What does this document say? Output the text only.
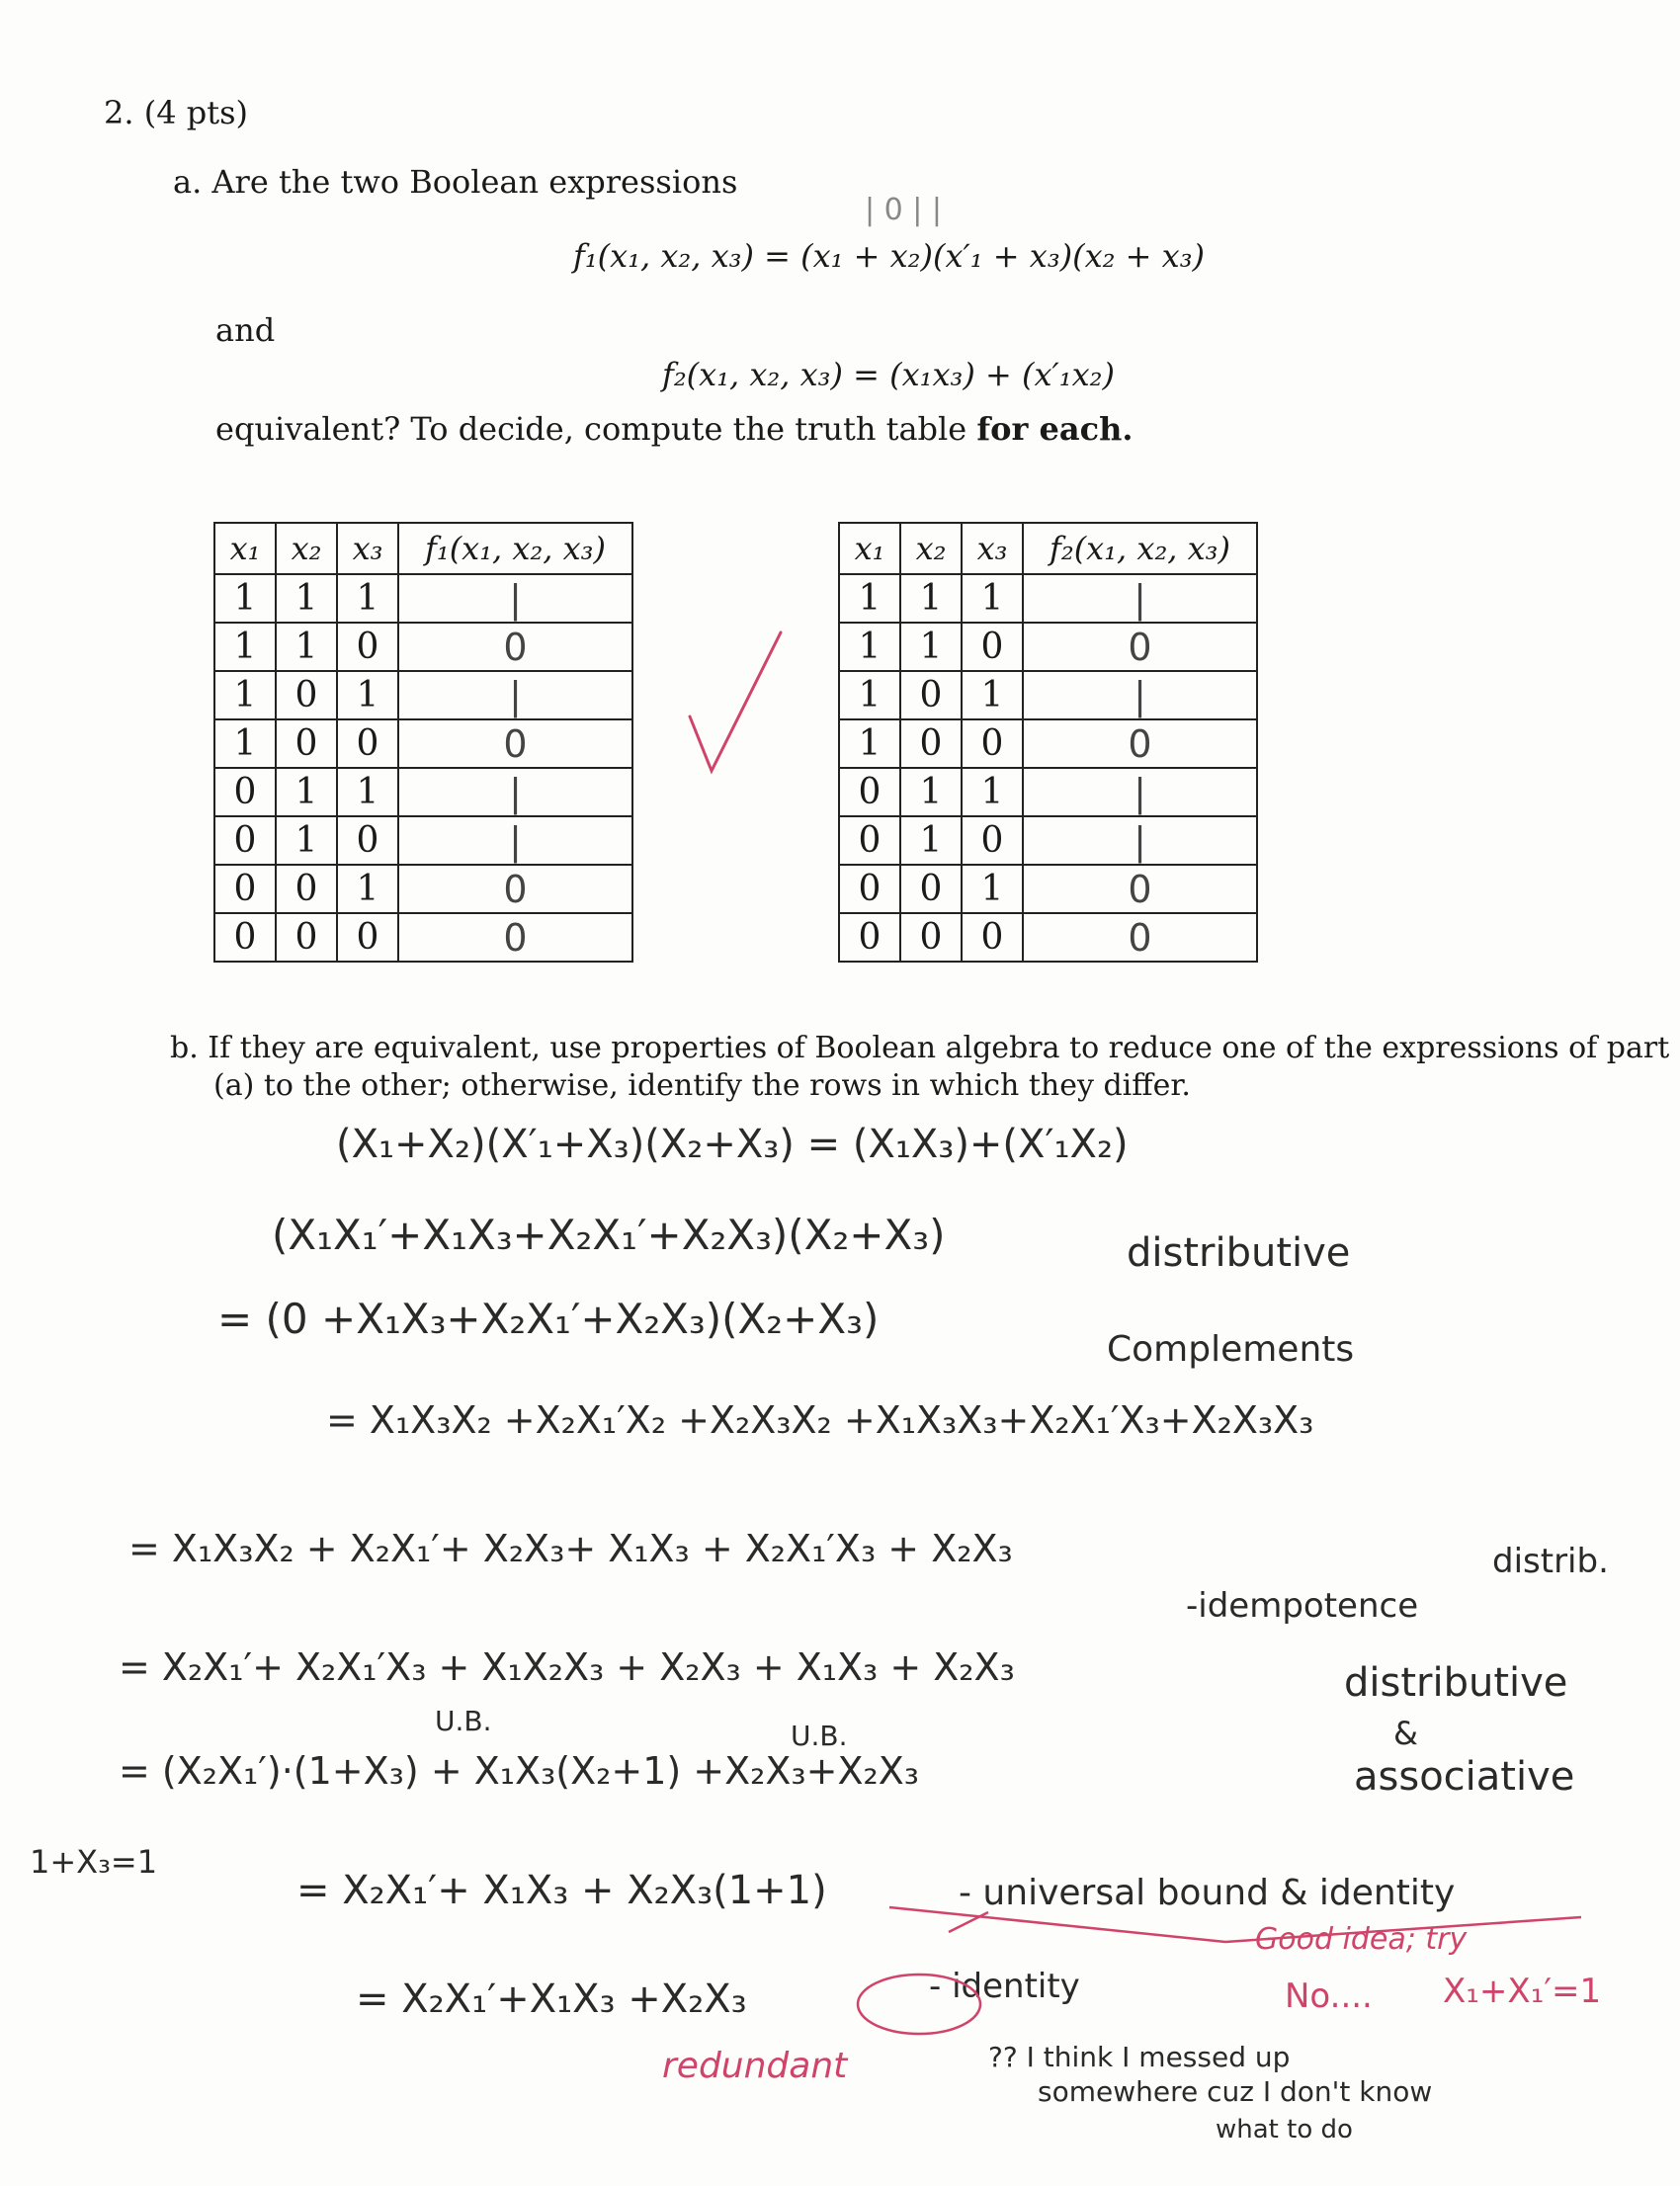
2. (4 pts)
a. Are the two Boolean expressions
| 0 | |
f₁(x₁, x₂, x₃) = (x₁ + x₂)(x′₁ + x₃)(x₂ + x₃)
and
f₂(x₁, x₂, x₃) = (x₁x₃) + (x′₁x₂)
equivalent? To decide, compute the truth table for each.
x₁	x₂	x₃	f₁(x₁, x₂, x₃)
1	1	1	|
1	1	0	0
1	0	1	|
1	0	0	0
0	1	1	|
0	1	0	|
0	0	1	0
0	0	0	0
x₁	x₂	x₃	f₂(x₁, x₂, x₃)
1	1	1	|
1	1	0	0
1	0	1	|
1	0	0	0
0	1	1	|
0	1	0	|
0	0	1	0
0	0	0	0
b. If they are equivalent, use properties of Boolean algebra to reduce one of the expressions of part
(a) to the other; otherwise, identify the rows in which they differ.
(X₁+X₂)(X′₁+X₃)(X₂+X₃) = (X₁X₃)+(X′₁X₂)
(X₁X₁′+X₁X₃+X₂X₁′+X₂X₃)(X₂+X₃)	distributive
= (0 +X₁X₃+X₂X₁′+X₂X₃)(X₂+X₃)
Complements
= X₁X₃X₂ +X₂X₁′X₂ +X₂X₃X₂ +X₁X₃X₃+X₂X₁′X₃+X₂X₃X₃
distrib.
= X₁X₃X₂ + X₂X₁′+ X₂X₃+ X₁X₃ + X₂X₁′X₃ + X₂X₃
-idempotence
= X₂X₁′+ X₂X₁′X₃ + X₁X₂X₃ + X₂X₃ + X₁X₃ + X₂X₃	distributive
U.B.	U.B.
= (X₂X₁′)·(1+X₃) + X₁X₃(X₂+1) +X₂X₃+X₂X₃
&
associative
1+X₃=1
= X₂X₁′+ X₁X₃ + X₂X₃(1+1)	- universal bound & identity
= X₂X₁′+X₁X₃ +X₂X₃	- identity
Good idea; try
No.... X₁+X₁′=1
redundant	?? I think I messed up
somewhere cuz I don't know
what to do
